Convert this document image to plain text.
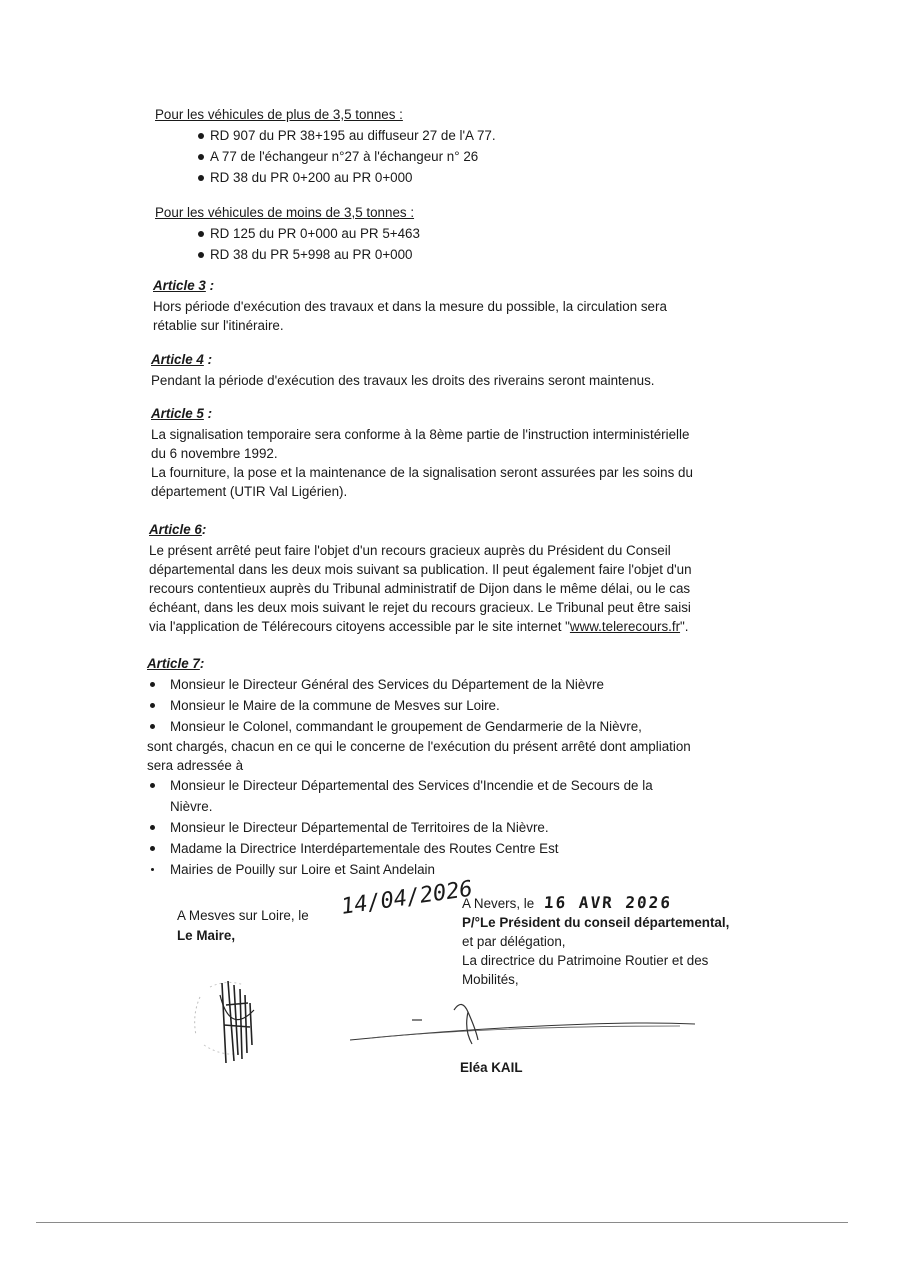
Pour les véhicules de plus de 3,5 tonnes :
RD 907 du PR 38+195 au diffuseur 27 de l'A 77.
A 77 de l'échangeur n°27 à l'échangeur n° 26
RD 38 du PR 0+200 au PR 0+000
Pour les véhicules de moins de 3,5 tonnes :
RD 125 du PR 0+000 au PR 5+463
RD 38 du PR 5+998 au PR 0+000

Article 3 :

Hors période d'exécution des travaux et dans la mesure du possible, la circulation sera

rétablie sur l'itinéraire.

Article 4 :

Pendant la période d'exécution des travaux les droits des riverains seront maintenus.

Article 5 :

La signalisation temporaire sera conforme à la 8ème partie de l'instruction interministérielle

du 6 novembre 1992.

La fourniture, la pose et la maintenance de la signalisation seront assurées par les soins du

département (UTIR Val Ligérien).

Article 6:

Le présent arrêté peut faire l'objet d'un recours gracieux auprès du Président du Conseil

départemental dans les deux mois suivant sa publication. Il peut également faire l'objet d'un

recours contentieux auprès du Tribunal administratif de Dijon dans le même délai, ou le cas

échéant, dans les deux mois suivant le rejet du recours gracieux. Le Tribunal peut être saisi

via l'application de Télérecours citoyens accessible par le site internet "www.telerecours.fr".

Article 7:

Monsieur le Directeur Général des Services du Département de la Nièvre
Monsieur le Maire de la commune de Mesves sur Loire.
Monsieur le Colonel, commandant le groupement de Gendarmerie de la Nièvre,

sont chargés, chacun en ce qui le concerne de l'exécution du présent arrêté dont ampliation

sera adressée à

Monsieur le Directeur Départemental des Services d'Incendie et de Secours de la
Nièvre.
Monsieur le Directeur Départemental de Territoires de la Nièvre.
Madame la Directrice Interdépartementale des Routes Centre Est
Mairies de Pouilly sur Loire et Saint Andelain
A Mesves sur Loire, le
Le Maire,
14/04/2026
A Nevers, le 16 AVR 2026
P/°Le Président du conseil départemental,
et par délégation,
La directrice du Patrimoine Routier et des
Mobilités,
Eléa KAIL
